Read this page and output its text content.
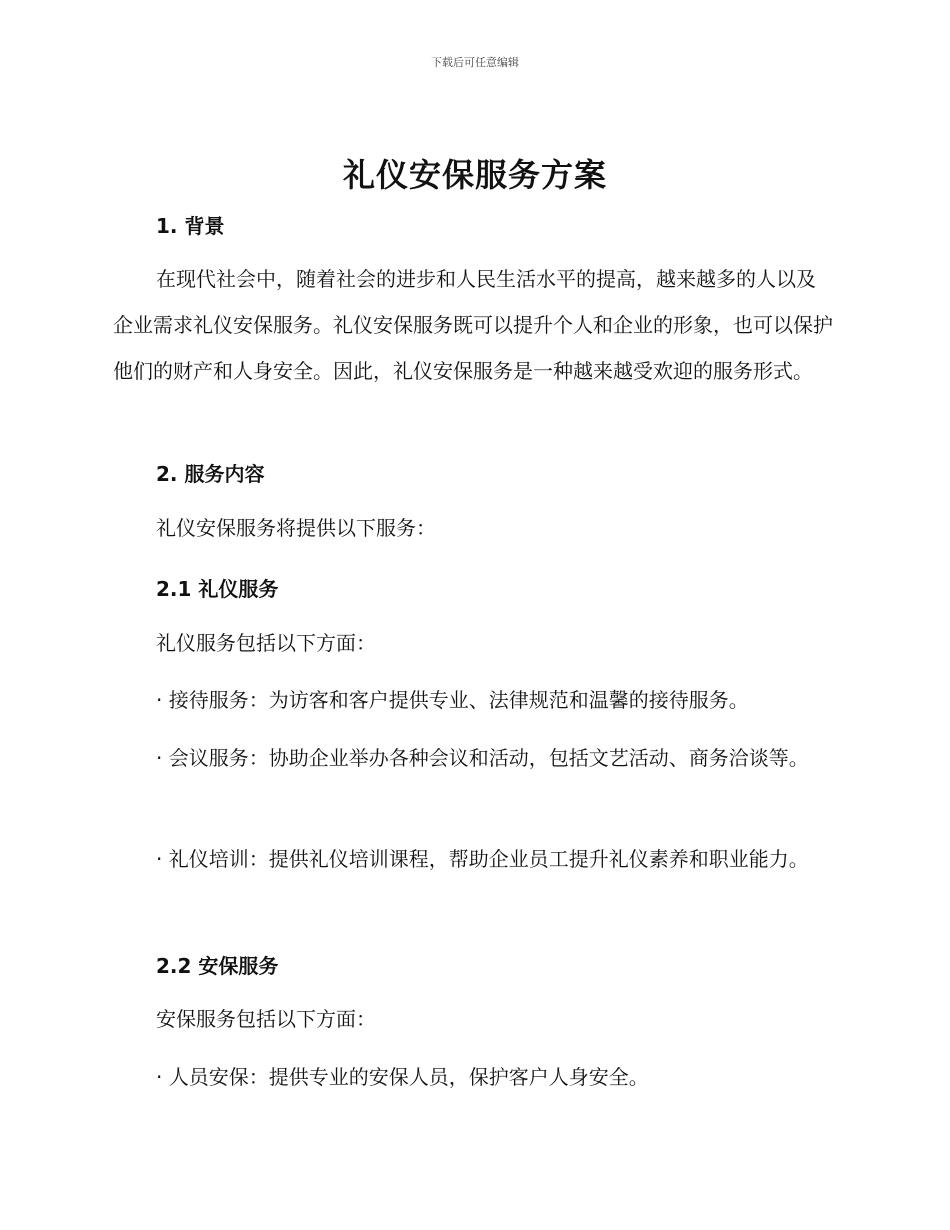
下载后可任意编辑
礼仪安保服务方案
1. 背景

在现代社会中，随着社会的进步和人民生活水平的提高，越来越多的人以及企业需求礼仪安保服务。礼仪安保服务既可以提升个人和企业的形象，也可以保护他们的财产和人身安全。因此，礼仪安保服务是一种越来越受欢迎的服务形式。

2. 服务内容

礼仪安保服务将提供以下服务：

2.1 礼仪服务

礼仪服务包括以下方面：

· 接待服务：为访客和客户提供专业、法律规范和温馨的接待服务。

· 会议服务：协助企业举办各种会议和活动，包括文艺活动、商务洽谈等。

· 礼仪培训：提供礼仪培训课程，帮助企业员工提升礼仪素养和职业能力。

2.2 安保服务

安保服务包括以下方面：

· 人员安保：提供专业的安保人员，保护客户人身安全。
